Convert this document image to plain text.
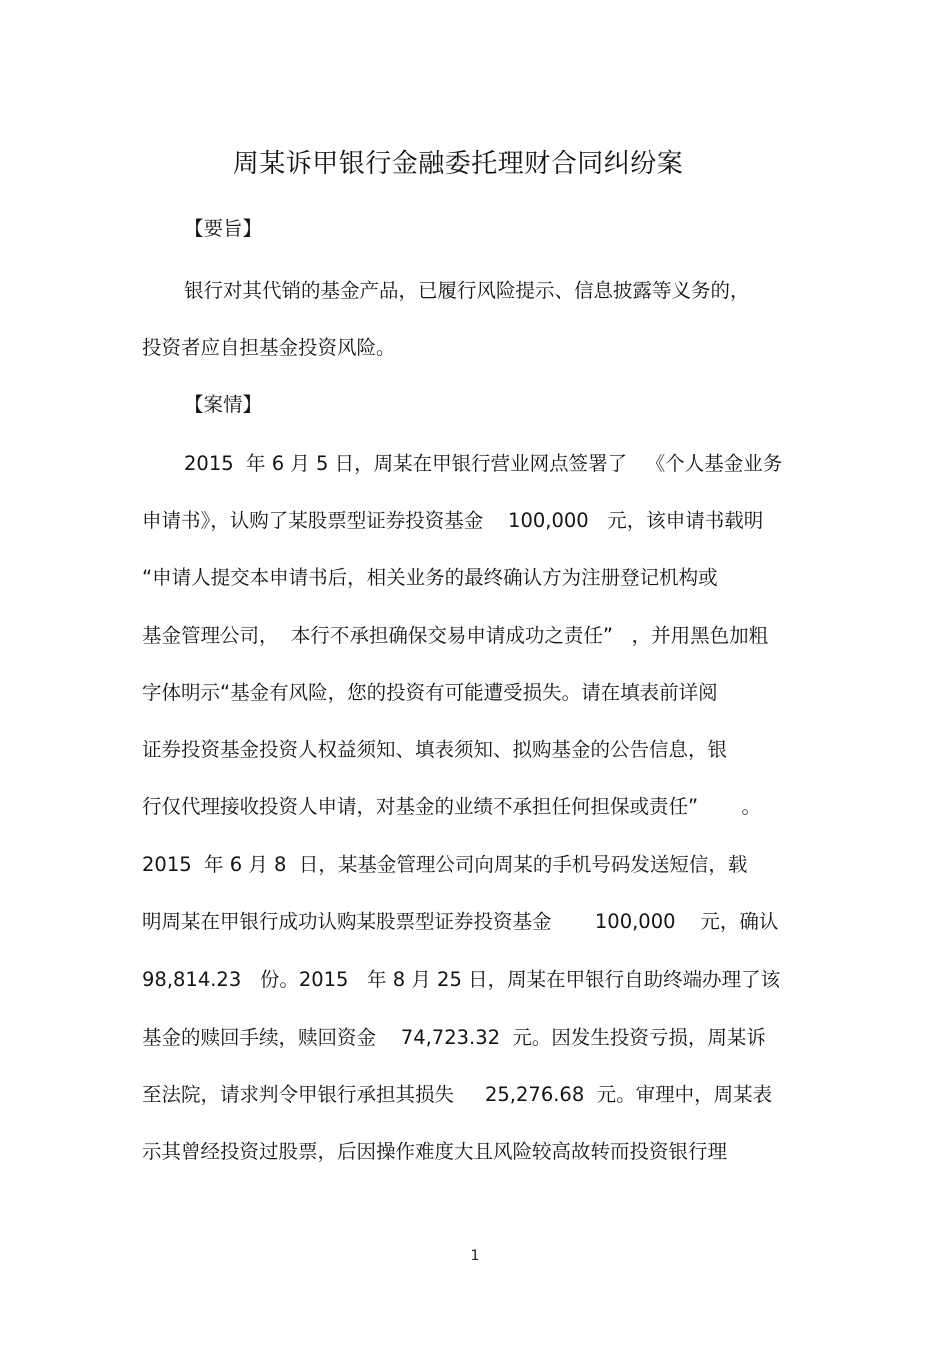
周某诉甲银行金融委托理财合同纠纷案
【要旨】
银行对其代销的基金产品，已履行风险提示、信息披露等义务的，
投资者应自担基金投资风险。
【案情】
2015  年 6 月 5 日，周某在甲银行营业网点签署了   《个人基金业务
申请书》，认购了某股票型证券投资基金    100,000   元，该申请书载明
“申请人提交本申请书后，相关业务的最终确认方为注册登记机构或
基金管理公司，  本行不承担确保交易申请成功之责任”   ，并用黑色加粗
字体明示“基金有风险，您的投资有可能遭受损失。请在填表前详阅
证券投资基金投资人权益须知、填表须知、拟购基金的公告信息，银
行仅代理接收投资人申请，对基金的业绩不承担任何担保或责任”       。
2015  年 6 月 8  日，某基金管理公司向周某的手机号码发送短信，载
明周某在甲银行成功认购某股票型证券投资基金       100,000    元，确认
98,814.23   份。2015   年 8 月 25 日，周某在甲银行自助终端办理了该
基金的赎回手续，赎回资金    74,723.32  元。因发生投资亏损，周某诉
至法院，请求判令甲银行承担其损失     25,276.68  元。审理中，周某表
示其曾经投资过股票，后因操作难度大且风险较高故转而投资银行理
1
